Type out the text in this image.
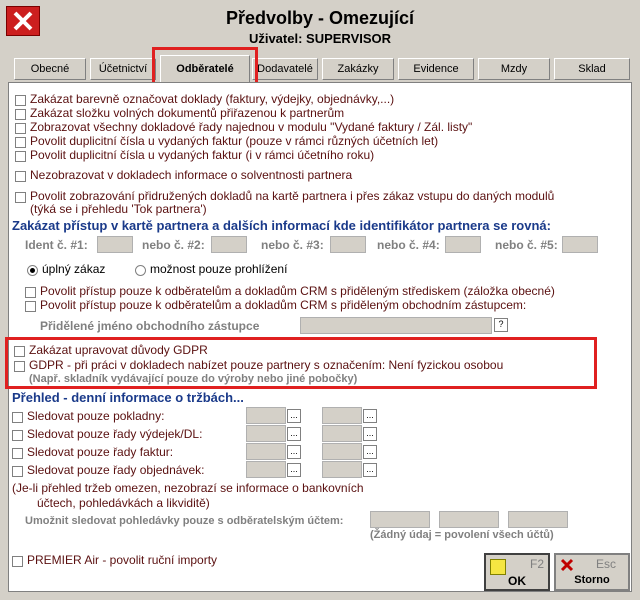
Předvolby - Omezující
Uživatel: SUPERVISOR
Obecné	Účetnictví	Odběratelé	Dodavatelé	Zakázky	Evidence	Mzdy	Sklad
Zakázat barevně označovat doklady (faktury, výdejky, objednávky,...)
Zakázat složku volných dokumentů přiřazenou k partnerům
Zobrazovat všechny dokladové řady najednou v modulu "Vydané faktury / Zál. listy"
Povolit duplicitní čísla u vydaných faktur (pouze v rámci různých účetních let)
Povolit duplicitní čísla u vydaných faktur (i v rámci účetního roku)
Nezobrazovat v dokladech informace o solventnosti partnera
Povolit zobrazování přidružených dokladů na kartě partnera i přes zákaz vstupu do daných modulů
(týká se i přehledu 'Tok partnera')
Zakázat přístup v kartě partnera a dalších informací kde identifikátor partnera se rovná:
Ident č. #1:	nebo č. #2:	nebo č. #3:	nebo č. #4:	nebo č. #5:
úplný zákaz	možnost pouze prohlížení
Povolit přístup pouze k odběratelům a dokladům CRM s přiděleným střediskem (záložka obecné)
Povolit přístup pouze k odběratelům a dokladům CRM s přiděleným obchodním zástupcem:
Přidělené jméno obchodního zástupce	?
Zakázat upravovat důvody GDPR
GDPR - při práci v dokladech nabízet pouze partnery s označením: Není fyzickou osobou
(Např. skladník vydávající pouze do výroby nebo jiné pobočky)
Přehled - denní informace o tržbách...
Sledovat pouze pokladny:	...	...
Sledovat pouze řady výdejek/DL:	...	...
Sledovat pouze řady faktur:	...	...
Sledovat pouze řady objednávek:	...	...
(Je-li přehled tržeb omezen, nezobrazí se informace o bankovních
účtech, pohledávkách a likviditě)
Umožnit sledovat pohledávky pouze s odběratelským účtem:
(Žádný údaj = povolení všech účtů)
PREMIER Air - povolit ruční importy	F2
OK
Esc
Storno
